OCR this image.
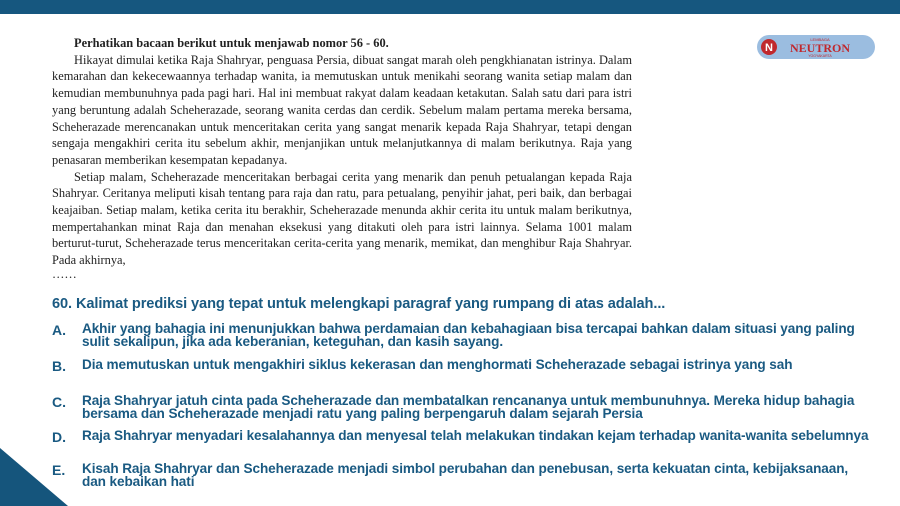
N
LEMBAGA
NEUTRON
YOGYAKARTA

Perhatikan bacaan berikut untuk menjawab nomor 56 - 60.

Hikayat dimulai ketika Raja Shahryar, penguasa Persia, dibuat sangat marah oleh pengkhianatan istrinya. Dalam kemarahan dan kekecewaannya terhadap wanita, ia memutuskan untuk menikahi seorang wanita setiap malam dan kemudian membunuhnya pada pagi hari. Hal ini membuat rakyat dalam keadaan ketakutan. Salah satu dari para istri yang beruntung adalah Scheherazade, seorang wanita cerdas dan cerdik. Sebelum malam pertama mereka bersama, Scheherazade merencanakan untuk menceritakan cerita yang sangat menarik kepada Raja Shahryar, tetapi dengan sengaja mengakhiri cerita itu sebelum akhir, menjanjikan untuk melanjutkannya di malam berikutnya. Raja yang penasaran memberikan kesempatan kepadanya.

Setiap malam, Scheherazade menceritakan berbagai cerita yang menarik dan penuh petualangan kepada Raja Shahryar. Ceritanya meliputi kisah tentang para raja dan ratu, para petualang, penyihir jahat, peri baik, dan berbagai keajaiban. Setiap malam, ketika cerita itu berakhir, Scheherazade menunda akhir cerita itu untuk malam berikutnya, mempertahankan minat Raja dan menahan eksekusi yang ditakuti oleh para istri lainnya. Selama 1001 malam berturut-turut, Scheherazade terus menceritakan cerita-cerita yang menarik, memikat, dan menghibur Raja Shahryar. Pada akhirnya,

……

60. Kalimat prediksi yang tepat untuk melengkapi paragraf yang rumpang di atas adalah...

A. Akhir yang bahagia ini menunjukkan bahwa perdamaian dan kebahagiaan bisa tercapai bahkan dalam situasi yang paling sulit sekalipun, jika ada keberanian, keteguhan, dan kasih sayang.
B. Dia memutuskan untuk mengakhiri siklus kekerasan dan menghormati Scheherazade sebagai istrinya yang sah
C. Raja Shahryar jatuh cinta pada Scheherazade dan membatalkan rencananya untuk membunuhnya. Mereka hidup bahagia bersama dan Scheherazade menjadi ratu yang paling berpengaruh dalam sejarah Persia
D. Raja Shahryar menyadari kesalahannya dan menyesal telah melakukan tindakan kejam terhadap wanita-wanita sebelumnya
E. Kisah Raja Shahryar dan Scheherazade menjadi simbol perubahan dan penebusan, serta kekuatan cinta, kebijaksanaan, dan kebaikan hati
